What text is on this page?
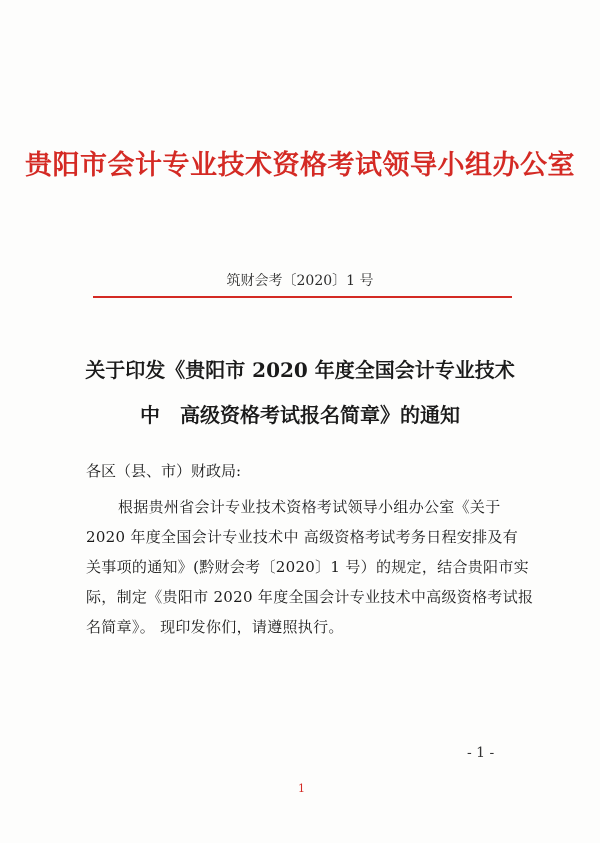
贵阳市会计专业技术资格考试领导小组办公室
筑财会考〔2020〕1 号
关于印发《贵阳市 2020 年度全国会计专业技术
中　高级资格考试报名简章》的通知
各区（县、市）财政局:
根据贵州省会计专业技术资格考试领导小组办公室《关于
2020 年度全国会计专业技术中 高级资格考试考务日程安排及有
关事项的通知》(黔财会考〔2020〕1 号）的规定，结合贵阳市实
际，制定《贵阳市 2020 年度全国会计专业技术中高级资格考试报
名简章》。 现印发你们，请遵照执行。
- 1 -
1
